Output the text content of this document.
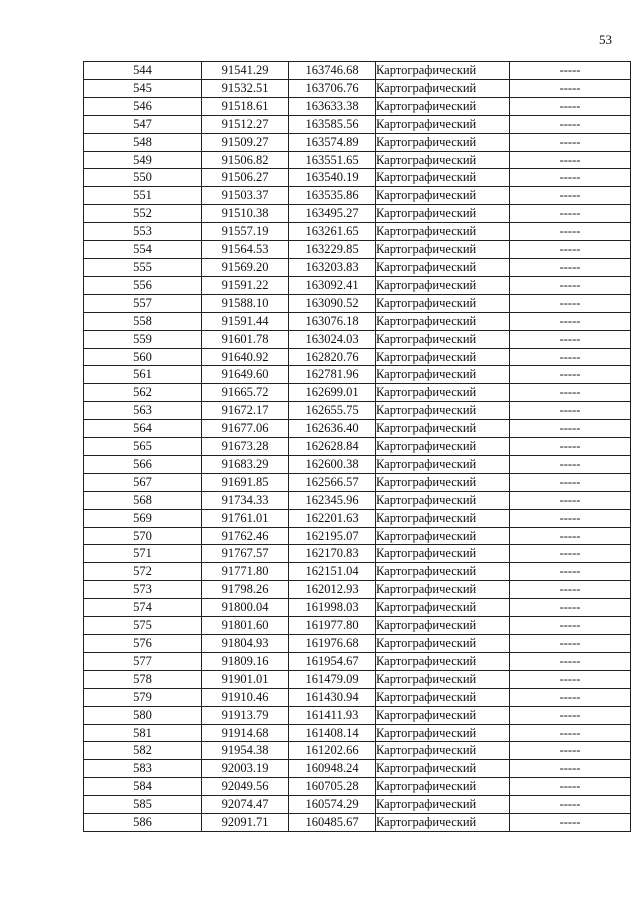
53
544	91541.29	163746.68	Картографический	-----
545	91532.51	163706.76	Картографический	-----
546	91518.61	163633.38	Картографический	-----
547	91512.27	163585.56	Картографический	-----
548	91509.27	163574.89	Картографический	-----
549	91506.82	163551.65	Картографический	-----
550	91506.27	163540.19	Картографический	-----
551	91503.37	163535.86	Картографический	-----
552	91510.38	163495.27	Картографический	-----
553	91557.19	163261.65	Картографический	-----
554	91564.53	163229.85	Картографический	-----
555	91569.20	163203.83	Картографический	-----
556	91591.22	163092.41	Картографический	-----
557	91588.10	163090.52	Картографический	-----
558	91591.44	163076.18	Картографический	-----
559	91601.78	163024.03	Картографический	-----
560	91640.92	162820.76	Картографический	-----
561	91649.60	162781.96	Картографический	-----
562	91665.72	162699.01	Картографический	-----
563	91672.17	162655.75	Картографический	-----
564	91677.06	162636.40	Картографический	-----
565	91673.28	162628.84	Картографический	-----
566	91683.29	162600.38	Картографический	-----
567	91691.85	162566.57	Картографический	-----
568	91734.33	162345.96	Картографический	-----
569	91761.01	162201.63	Картографический	-----
570	91762.46	162195.07	Картографический	-----
571	91767.57	162170.83	Картографический	-----
572	91771.80	162151.04	Картографический	-----
573	91798.26	162012.93	Картографический	-----
574	91800.04	161998.03	Картографический	-----
575	91801.60	161977.80	Картографический	-----
576	91804.93	161976.68	Картографический	-----
577	91809.16	161954.67	Картографический	-----
578	91901.01	161479.09	Картографический	-----
579	91910.46	161430.94	Картографический	-----
580	91913.79	161411.93	Картографический	-----
581	91914.68	161408.14	Картографический	-----
582	91954.38	161202.66	Картографический	-----
583	92003.19	160948.24	Картографический	-----
584	92049.56	160705.28	Картографический	-----
585	92074.47	160574.29	Картографический	-----
586	92091.71	160485.67	Картографический	-----
